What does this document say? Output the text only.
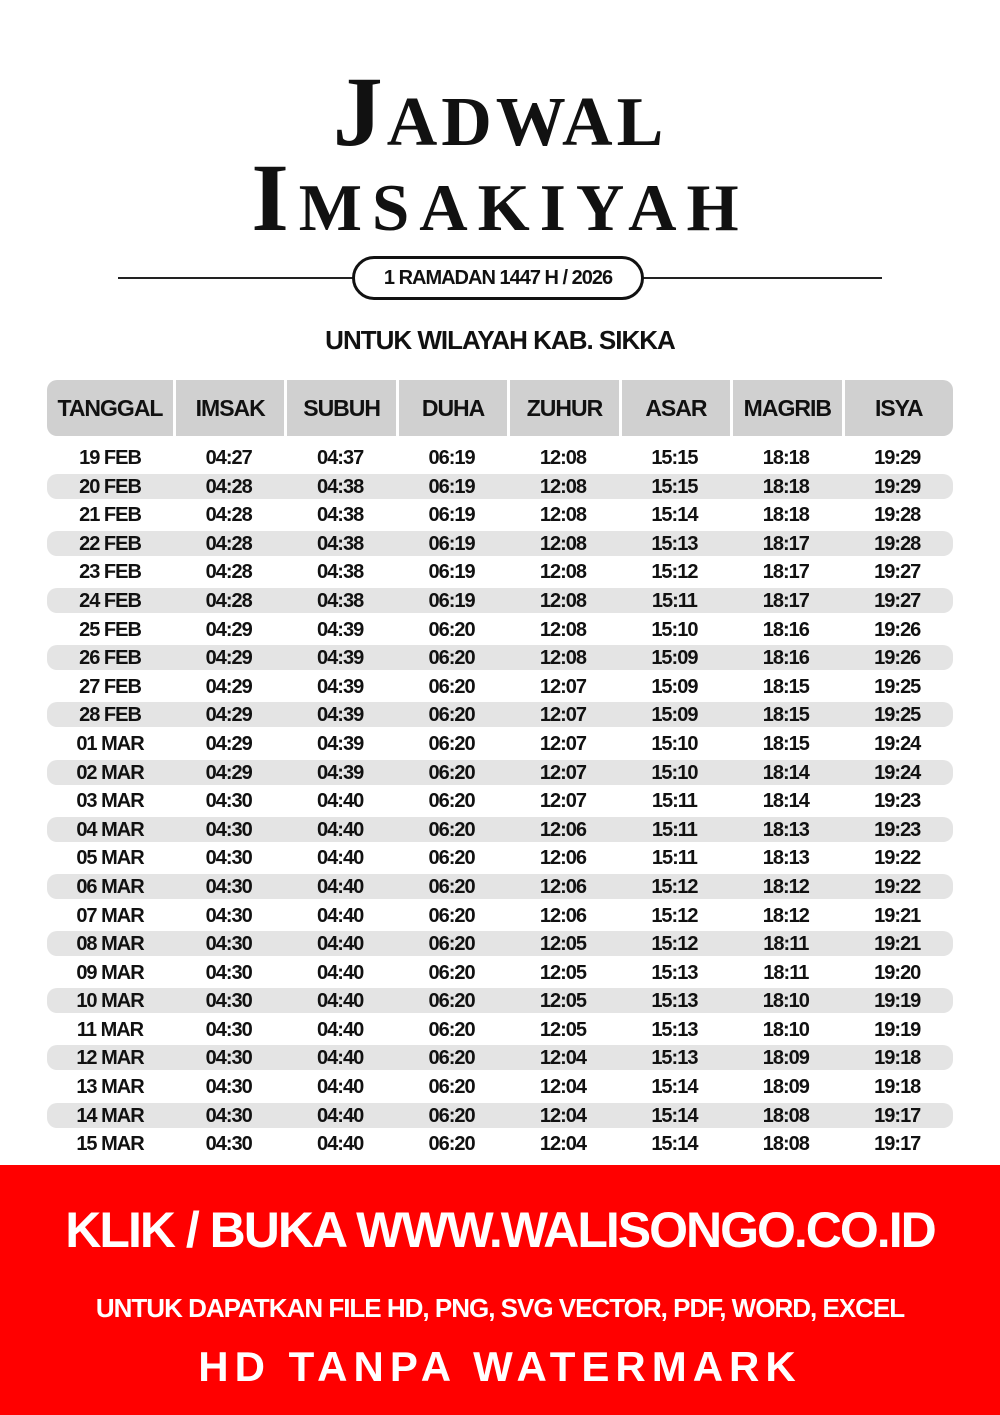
Jadwal
Imsakiyah
1 RAMADAN 1447 H / 2026
UNTUK WILAYAH KAB. SIKKA
TANGGAL	IMSAK	SUBUH	DUHA	ZUHUR	ASAR	MAGRIB	ISYA
19 FEB	04:27	04:37	06:19	12:08	15:15	18:18	19:29
20 FEB	04:28	04:38	06:19	12:08	15:15	18:18	19:29
21 FEB	04:28	04:38	06:19	12:08	15:14	18:18	19:28
22 FEB	04:28	04:38	06:19	12:08	15:13	18:17	19:28
23 FEB	04:28	04:38	06:19	12:08	15:12	18:17	19:27
24 FEB	04:28	04:38	06:19	12:08	15:11	18:17	19:27
25 FEB	04:29	04:39	06:20	12:08	15:10	18:16	19:26
26 FEB	04:29	04:39	06:20	12:08	15:09	18:16	19:26
27 FEB	04:29	04:39	06:20	12:07	15:09	18:15	19:25
28 FEB	04:29	04:39	06:20	12:07	15:09	18:15	19:25
01 MAR	04:29	04:39	06:20	12:07	15:10	18:15	19:24
02 MAR	04:29	04:39	06:20	12:07	15:10	18:14	19:24
03 MAR	04:30	04:40	06:20	12:07	15:11	18:14	19:23
04 MAR	04:30	04:40	06:20	12:06	15:11	18:13	19:23
05 MAR	04:30	04:40	06:20	12:06	15:11	18:13	19:22
06 MAR	04:30	04:40	06:20	12:06	15:12	18:12	19:22
07 MAR	04:30	04:40	06:20	12:06	15:12	18:12	19:21
08 MAR	04:30	04:40	06:20	12:05	15:12	18:11	19:21
09 MAR	04:30	04:40	06:20	12:05	15:13	18:11	19:20
10 MAR	04:30	04:40	06:20	12:05	15:13	18:10	19:19
11 MAR	04:30	04:40	06:20	12:05	15:13	18:10	19:19
12 MAR	04:30	04:40	06:20	12:04	15:13	18:09	19:18
13 MAR	04:30	04:40	06:20	12:04	15:14	18:09	19:18
14 MAR	04:30	04:40	06:20	12:04	15:14	18:08	19:17
15 MAR	04:30	04:40	06:20	12:04	15:14	18:08	19:17
KLIK / BUKA WWW.WALISONGO.CO.ID
UNTUK DAPATKAN FILE HD, PNG, SVG VECTOR, PDF, WORD, EXCEL
HD TANPA WATERMARK
